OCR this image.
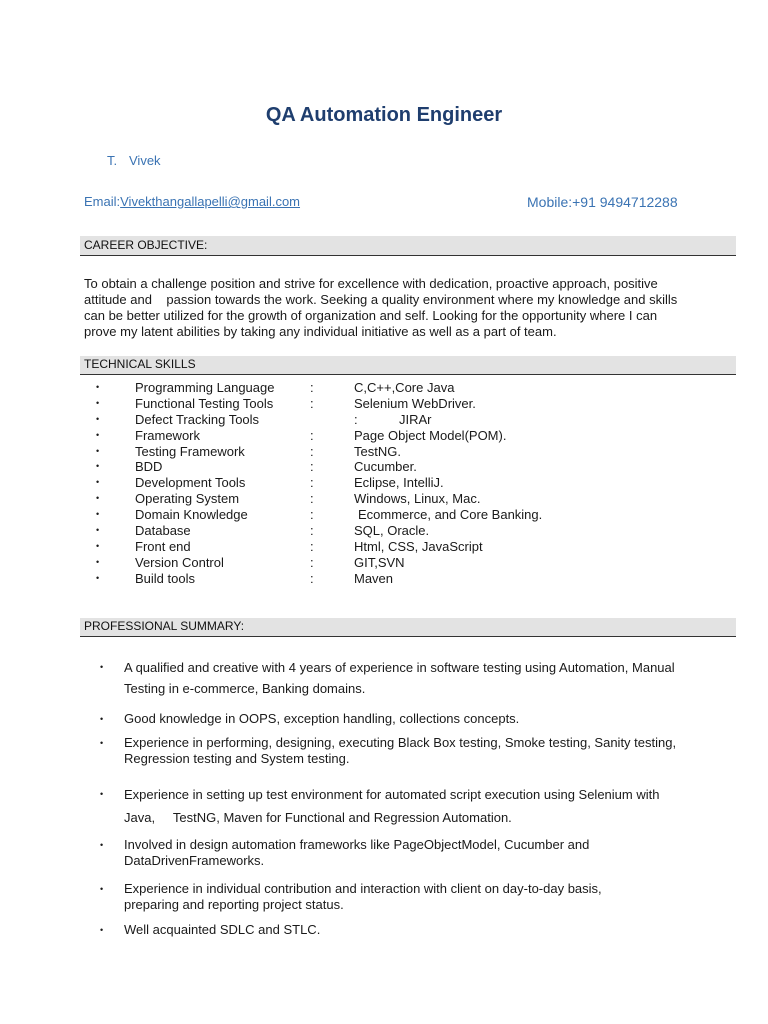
QA Automation Engineer
T. Vivek
Email:Vivekthangallapelli@gmail.com	Mobile:+91 9494712288
CAREER OBJECTIVE:
To obtain a challenge position and strive for excellence with dedication, proactive approach, positive
attitude and    passion towards the work. Seeking a quality environment where my knowledge and skills
can be better utilized for the growth of organization and self. Looking for the opportunity where I can
prove my latent abilities by taking any individual initiative as well as a part of team.
TECHNICAL SKILLS
•	Programming Language	:	C,C++,Core Java
•	Functional Testing Tools	:	Selenium WebDriver.
•	Defect Tracking Tools	:	JIRAr
•	Framework	:	Page Object Model(POM).
•	Testing Framework	:	TestNG.
•	BDD	:	Cucumber.
•	Development Tools	:	Eclipse, IntelliJ.
•	Operating System	:	Windows, Linux, Mac.
•	Domain Knowledge	:	Ecommerce, and Core Banking.
•	Database	:	SQL, Oracle.
•	Front end	:	Html, CSS, JavaScript
•	Version Control	:	GIT,SVN
•	Build tools	:	Maven
PROFESSIONAL SUMMARY:
• A qualified and creative with 4 years of experience in software testing using Automation, Manual
Testing in e-commerce, Banking domains.
• Good knowledge in OOPS, exception handling, collections concepts.
• Experience in performing, designing, executing Black Box testing, Smoke testing, Sanity testing,
Regression testing and System testing.
• Experience in setting up test environment for automated script execution using Selenium with
Java,     TestNG, Maven for Functional and Regression Automation.
• Involved in design automation frameworks like PageObjectModel, Cucumber and
DataDrivenFrameworks.
• Experience in individual contribution and interaction with client on day-to-day basis,
preparing and reporting project status.
• Well acquainted SDLC and STLC.
